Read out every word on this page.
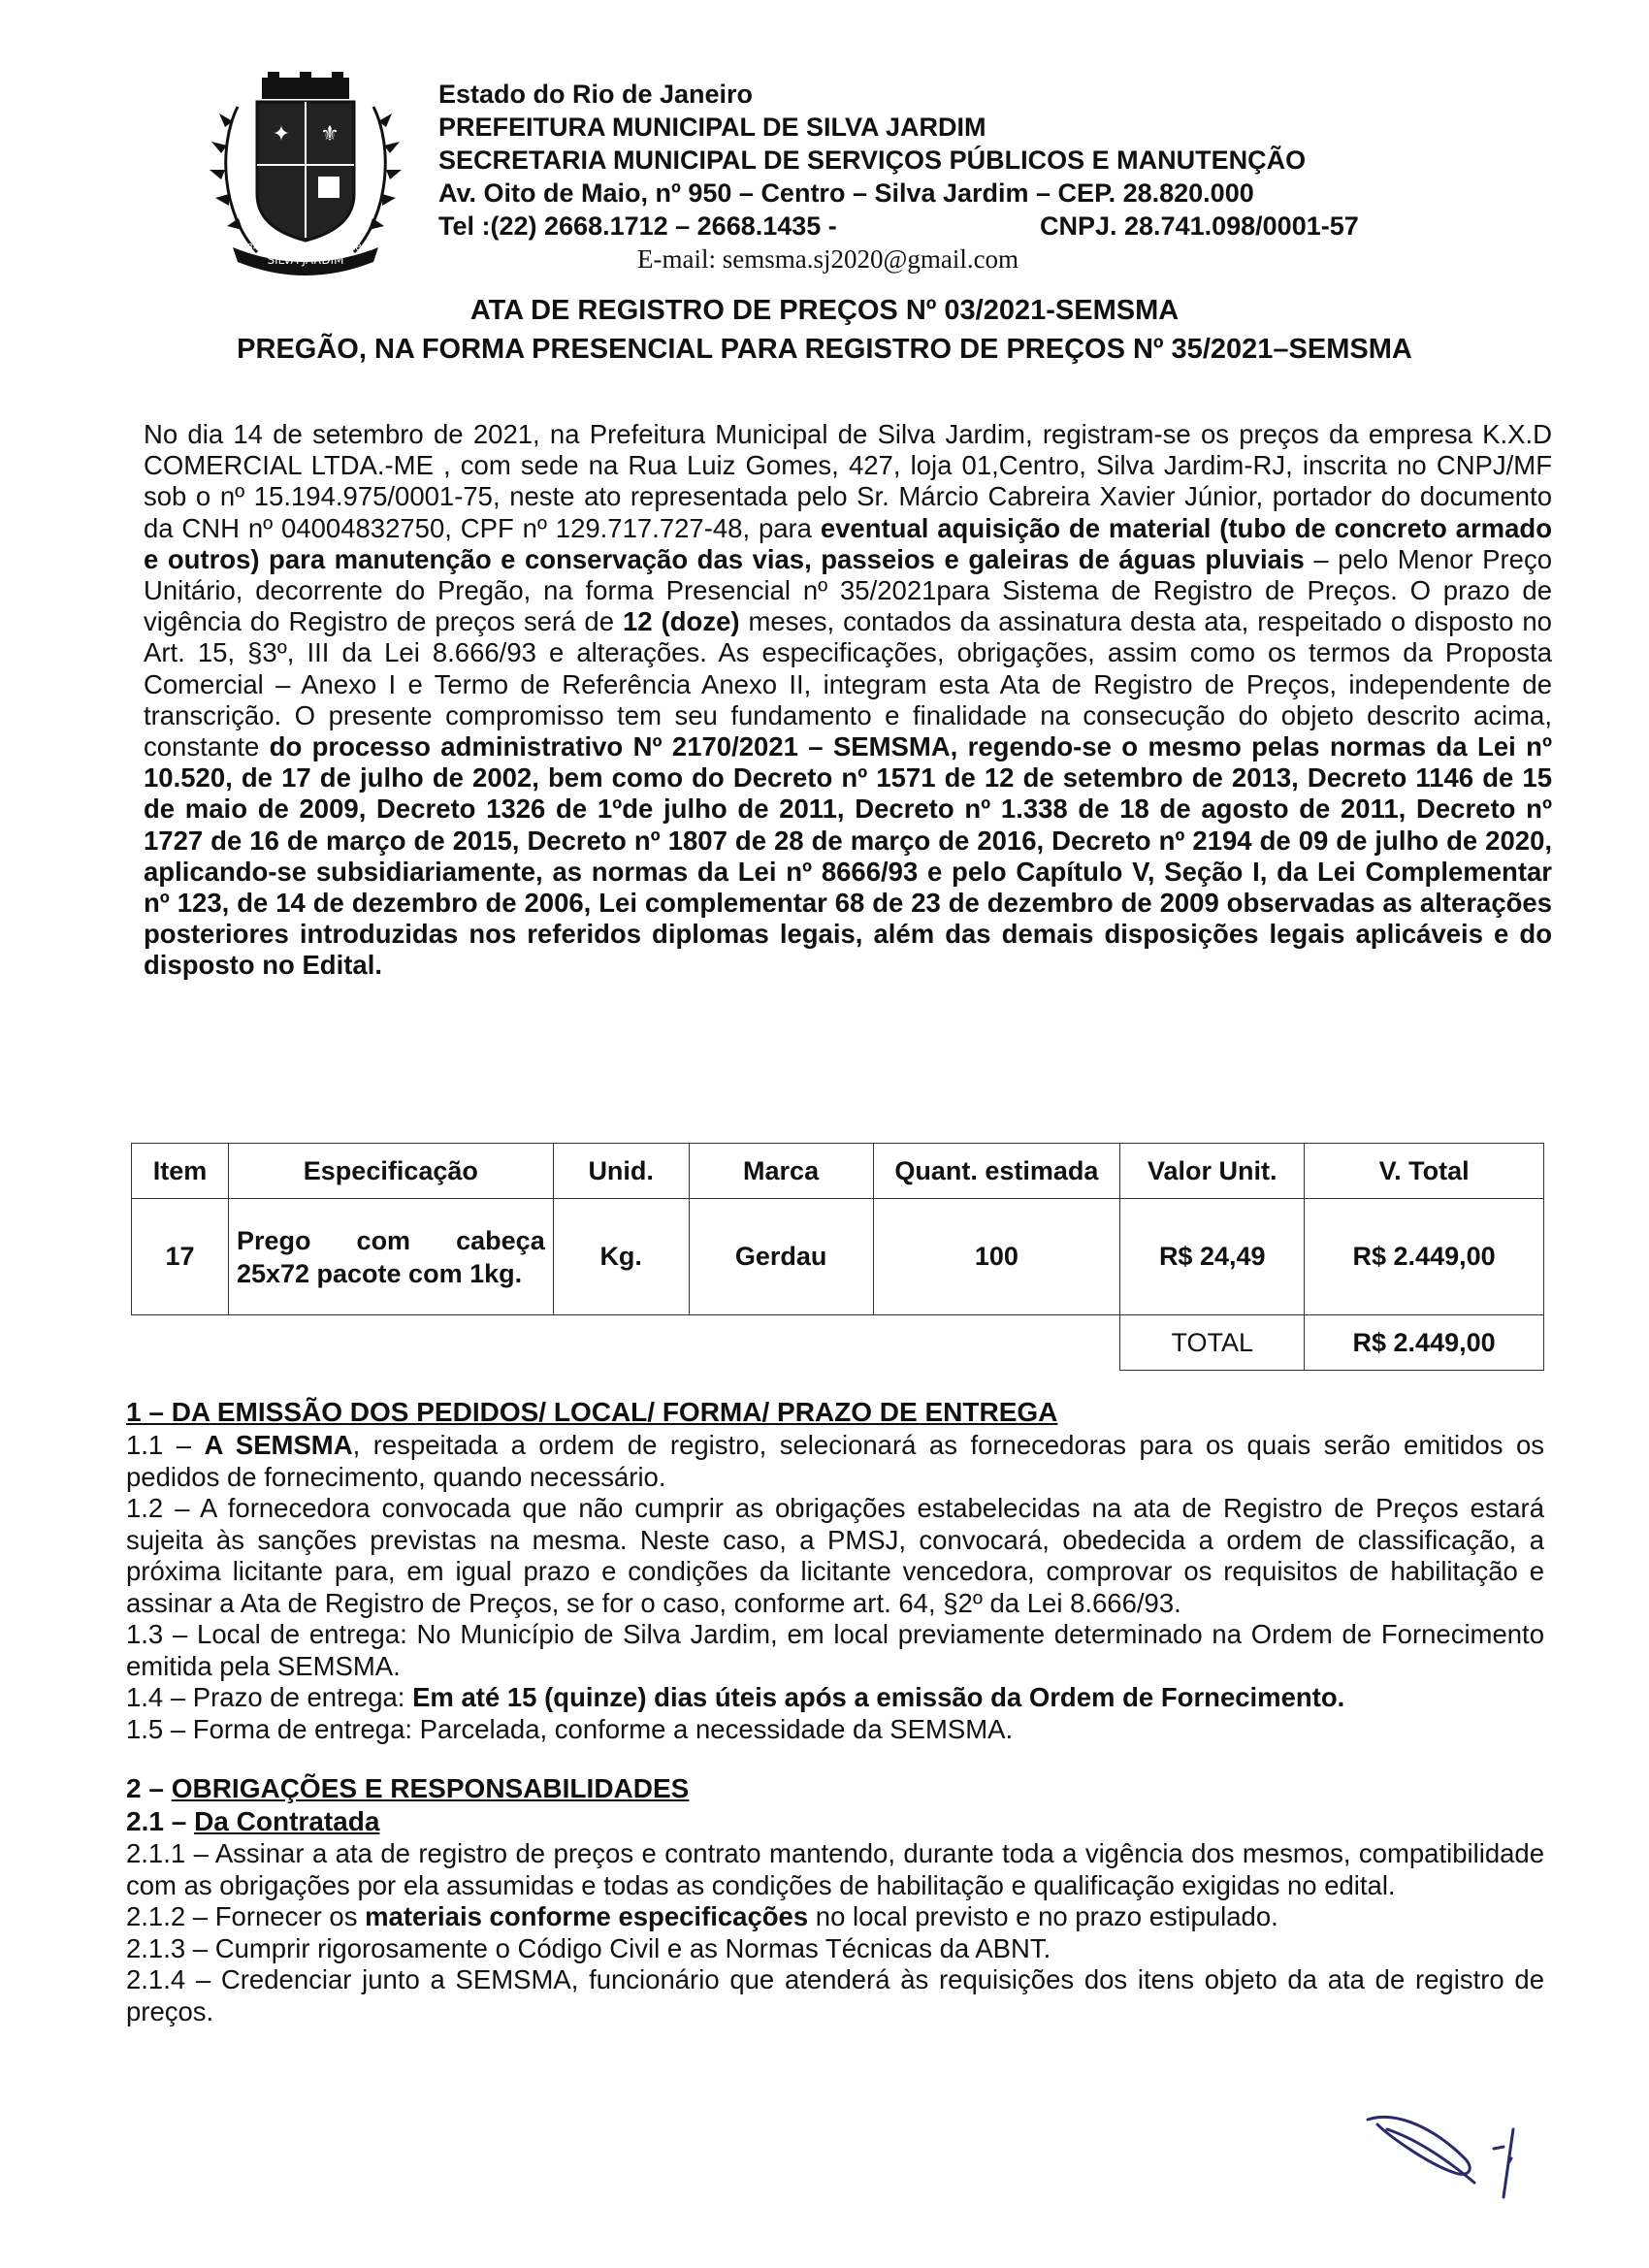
✦ ⚜
SILVA JARDIM
1841	1890
Estado do Rio de Janeiro
PREFEITURA MUNICIPAL DE SILVA JARDIM
SECRETARIA MUNICIPAL DE SERVIÇOS PÚBLICOS E MANUTENÇÃO
Av. Oito de Maio, nº 950 – Centro – Silva Jardim – CEP. 28.820.000
Tel :(22) 2668.1712 – 2668.1435 -	CNPJ. 28.741.098/0001-57
E-mail: semsma.sj2020@gmail.com
ATA DE REGISTRO DE PREÇOS Nº 03/2021-SEMSMA
PREGÃO, NA FORMA PRESENCIAL PARA REGISTRO DE PREÇOS Nº 35/2021–SEMSMA
No dia 14 de setembro de 2021, na Prefeitura Municipal de Silva Jardim, registram-se os preços da empresa K.X.D COMERCIAL LTDA.-ME , com sede na Rua Luiz Gomes, 427, loja 01,Centro, Silva Jardim-RJ, inscrita no CNPJ/MF sob o nº 15.194.975/0001-75, neste ato representada pelo Sr. Márcio Cabreira Xavier Júnior, portador do documento da CNH nº 04004832750, CPF nº 129.717.727-48, para eventual aquisição de material (tubo de concreto armado e outros) para manutenção e conservação das vias, passeios e galeiras de águas pluviais – pelo Menor Preço Unitário, decorrente do Pregão, na forma Presencial nº 35/2021para Sistema de Registro de Preços. O prazo de vigência do Registro de preços será de 12 (doze) meses, contados da assinatura desta ata, respeitado o disposto no Art. 15, §3º, III da Lei 8.666/93 e alterações. As especificações, obrigações, assim como os termos da Proposta Comercial – Anexo I e Termo de Referência Anexo II, integram esta Ata de Registro de Preços, independente de transcrição. O presente compromisso tem seu fundamento e finalidade na consecução do objeto descrito acima, constante do processo administrativo Nº 2170/2021 – SEMSMA, regendo-se o mesmo pelas normas da Lei nº 10.520, de 17 de julho de 2002, bem como do Decreto nº 1571 de 12 de setembro de 2013, Decreto 1146 de 15 de maio de 2009, Decreto 1326 de 1ºde julho de 2011, Decreto nº 1.338 de 18 de agosto de 2011, Decreto nº 1727 de 16 de março de 2015, Decreto nº 1807 de 28 de março de 2016, Decreto nº 2194 de 09 de julho de 2020, aplicando-se subsidiariamente, as normas da Lei nº 8666/93 e pelo Capítulo V, Seção I, da Lei Complementar nº 123, de 14 de dezembro de 2006, Lei complementar 68 de 23 de dezembro de 2009 observadas as alterações posteriores introduzidas nos referidos diplomas legais, além das demais disposições legais aplicáveis e do disposto no Edital.
Item	Especificação	Unid.	Marca	Quant. estimada	Valor Unit.	V. Total
17	Prego com cabeça 25x72 pacote com 1kg.	Kg.	Gerdau	100	R$ 24,49	R$ 2.449,00
					TOTAL	R$ 2.449,00
1 – DA EMISSÃO DOS PEDIDOS/ LOCAL/ FORMA/ PRAZO DE ENTREGA

1.1 – A SEMSMA, respeitada a ordem de registro, selecionará as fornecedoras para os quais serão emitidos os pedidos de fornecimento, quando necessário.

1.2 – A fornecedora convocada que não cumprir as obrigações estabelecidas na ata de Registro de Preços estará sujeita às sanções previstas na mesma. Neste caso, a PMSJ, convocará, obedecida a ordem de classificação, a próxima licitante para, em igual prazo e condições da licitante vencedora, comprovar os requisitos de habilitação e assinar a Ata de Registro de Preços, se for o caso, conforme art. 64, §2º da Lei 8.666/93.

1.3 – Local de entrega: No Município de Silva Jardim, em local previamente determinado na Ordem de Fornecimento emitida pela SEMSMA.

1.4 – Prazo de entrega: Em até 15 (quinze) dias úteis após a emissão da Ordem de Fornecimento.

1.5 – Forma de entrega: Parcelada, conforme a necessidade da SEMSMA.

2 – OBRIGAÇÕES E RESPONSABILIDADES
2.1 – Da Contratada

2.1.1 – Assinar a ata de registro de preços e contrato mantendo, durante toda a vigência dos mesmos, compatibilidade com as obrigações por ela assumidas e todas as condições de habilitação e qualificação exigidas no edital.

2.1.2 – Fornecer os materiais conforme especificações no local previsto e no prazo estipulado.

2.1.3 – Cumprir rigorosamente o Código Civil e as Normas Técnicas da ABNT.

2.1.4 – Credenciar junto a SEMSMA, funcionário que atenderá às requisições dos itens objeto da ata de registro de preços.
